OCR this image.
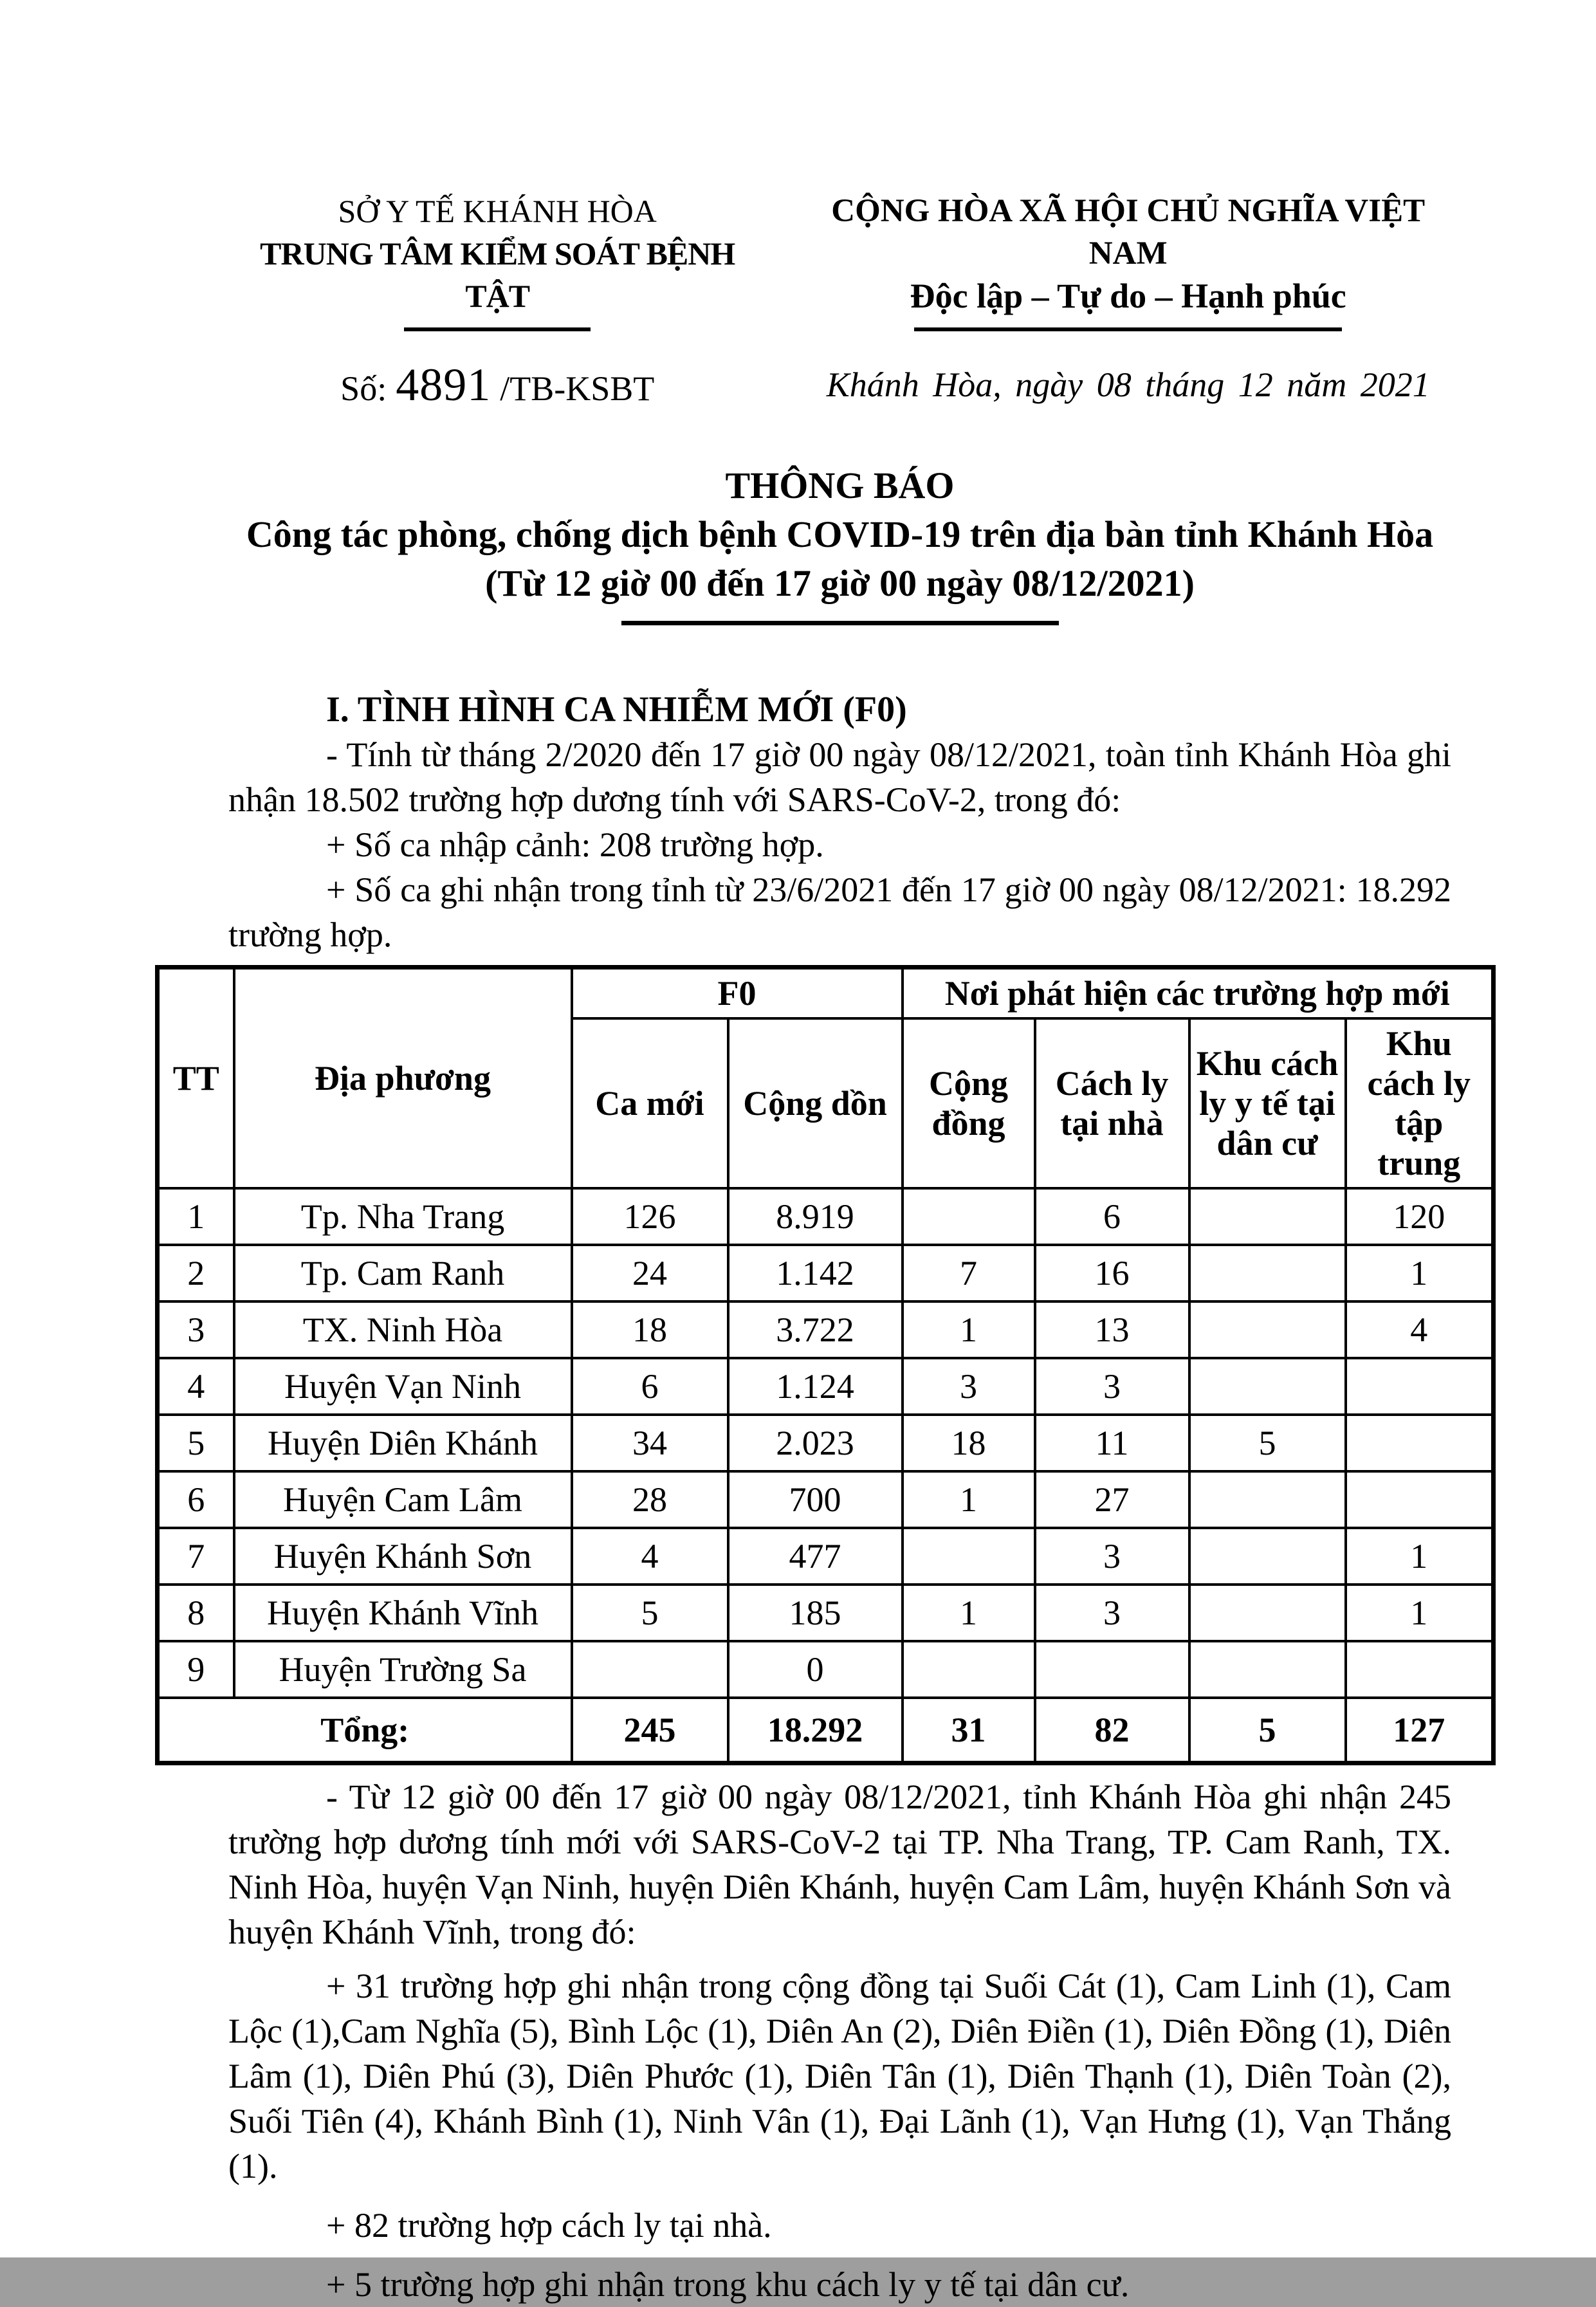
SỞ Y TẾ KHÁNH HÒA
TRUNG TÂM KIỂM SOÁT BỆNH TẬT
CỘNG HÒA XÃ HỘI CHỦ NGHĨA VIỆT NAM
Độc lập – Tự do – Hạnh phúc
Số: 4891 /TB-KSBT	Khánh Hòa, ngày 08 tháng 12 năm 2021
THÔNG BÁO
Công tác phòng, chống dịch bệnh COVID-19 trên địa bàn tỉnh Khánh Hòa
(Từ 12 giờ 00 đến 17 giờ 00 ngày 08/12/2021)
I. TÌNH HÌNH CA NHIỄM MỚI (F0)

- Tính từ tháng 2/2020 đến 17 giờ 00 ngày 08/12/2021, toàn tỉnh Khánh Hòa ghi nhận 18.502 trường hợp dương tính với SARS-CoV-2, trong đó:

+ Số ca nhập cảnh: 208 trường hợp.

+ Số ca ghi nhận trong tỉnh từ 23/6/2021 đến 17 giờ 00 ngày 08/12/2021: 18.292 trường hợp.

TT	Địa phương	F0		Nơi phát hiện các trường hợp mới			
		Ca mới	Cộng dồn	Cộng đồng	Cách ly tại nhà	Khu cách ly y tế tại dân cư	Khu cách ly tập trung
1	Tp. Nha Trang	126	8.919		6		120
2	Tp. Cam Ranh	24	1.142	7	16		1
3	TX. Ninh Hòa	18	3.722	1	13		4
4	Huyện Vạn Ninh	6	1.124	3	3		
5	Huyện Diên Khánh	34	2.023	18	11	5	
6	Huyện Cam Lâm	28	700	1	27		
7	Huyện Khánh Sơn	4	477		3		1
8	Huyện Khánh Vĩnh	5	185	1	3		1
9	Huyện Trường Sa		0				
Tổng:		245	18.292	31	82	5	127

- Từ 12 giờ 00 đến 17 giờ 00 ngày 08/12/2021, tỉnh Khánh Hòa ghi nhận 245 trường hợp dương tính mới với SARS-CoV-2 tại TP. Nha Trang, TP. Cam Ranh, TX. Ninh Hòa, huyện Vạn Ninh, huyện Diên Khánh, huyện Cam Lâm, huyện Khánh Sơn và huyện Khánh Vĩnh, trong đó:

+ 31 trường hợp ghi nhận trong cộng đồng tại Suối Cát (1), Cam Linh (1), Cam Lộc (1),Cam Nghĩa (5), Bình Lộc (1), Diên An (2), Diên Điền (1), Diên Đồng (1), Diên Lâm (1), Diên Phú (3), Diên Phước (1), Diên Tân (1), Diên Thạnh (1), Diên Toàn (2), Suối Tiên (4), Khánh Bình (1), Ninh Vân (1), Đại Lãnh (1), Vạn Hưng (1), Vạn Thắng (1).

+ 82 trường hợp cách ly tại nhà.

+ 5 trường hợp ghi nhận trong khu cách ly y tế tại dân cư.
